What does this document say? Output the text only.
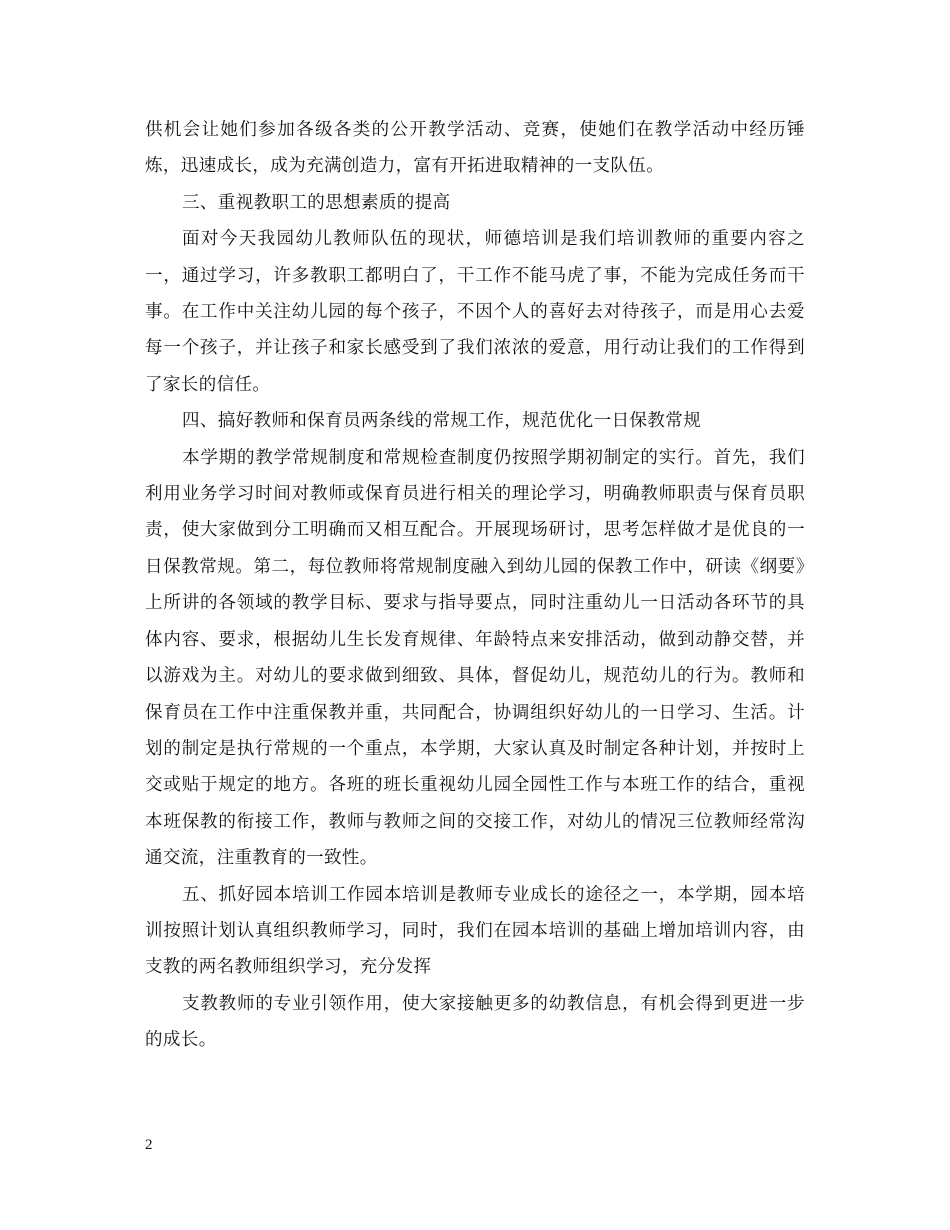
供机会让她们参加各级各类的公开教学活动、竞赛，使她们在教学活动中经历锤炼，迅速成长，成为充满创造力，富有开拓进取精神的一支队伍。

三、重视教职工的思想素质的提高

面对今天我园幼儿教师队伍的现状，师德培训是我们培训教师的重要内容之一，通过学习，许多教职工都明白了，干工作不能马虎了事，不能为完成任务而干事。在工作中关注幼儿园的每个孩子，不因个人的喜好去对待孩子，而是用心去爱每一个孩子，并让孩子和家长感受到了我们浓浓的爱意，用行动让我们的工作得到了家长的信任。

四、搞好教师和保育员两条线的常规工作，规范优化一日保教常规

本学期的教学常规制度和常规检查制度仍按照学期初制定的实行。首先，我们利用业务学习时间对教师或保育员进行相关的理论学习，明确教师职责与保育员职责，使大家做到分工明确而又相互配合。开展现场研讨，思考怎样做才是优良的一日保教常规。第二，每位教师将常规制度融入到幼儿园的保教工作中，研读《纲要》上所讲的各领域的教学目标、要求与指导要点，同时注重幼儿一日活动各环节的具体内容、要求，根据幼儿生长发育规律、年龄特点来安排活动，做到动静交替，并以游戏为主。对幼儿的要求做到细致、具体，督促幼儿，规范幼儿的行为。教师和保育员在工作中注重保教并重，共同配合，协调组织好幼儿的一日学习、生活。计划的制定是执行常规的一个重点，本学期，大家认真及时制定各种计划，并按时上交或贴于规定的地方。各班的班长重视幼儿园全园性工作与本班工作的结合，重视本班保教的衔接工作，教师与教师之间的交接工作，对幼儿的情况三位教师经常沟通交流，注重教育的一致性。

五、抓好园本培训工作园本培训是教师专业成长的途径之一，本学期，园本培训按照计划认真组织教师学习，同时，我们在园本培训的基础上增加培训内容，由支教的两名教师组织学习，充分发挥

支教教师的专业引领作用，使大家接触更多的幼教信息，有机会得到更进一步的成长。

2
